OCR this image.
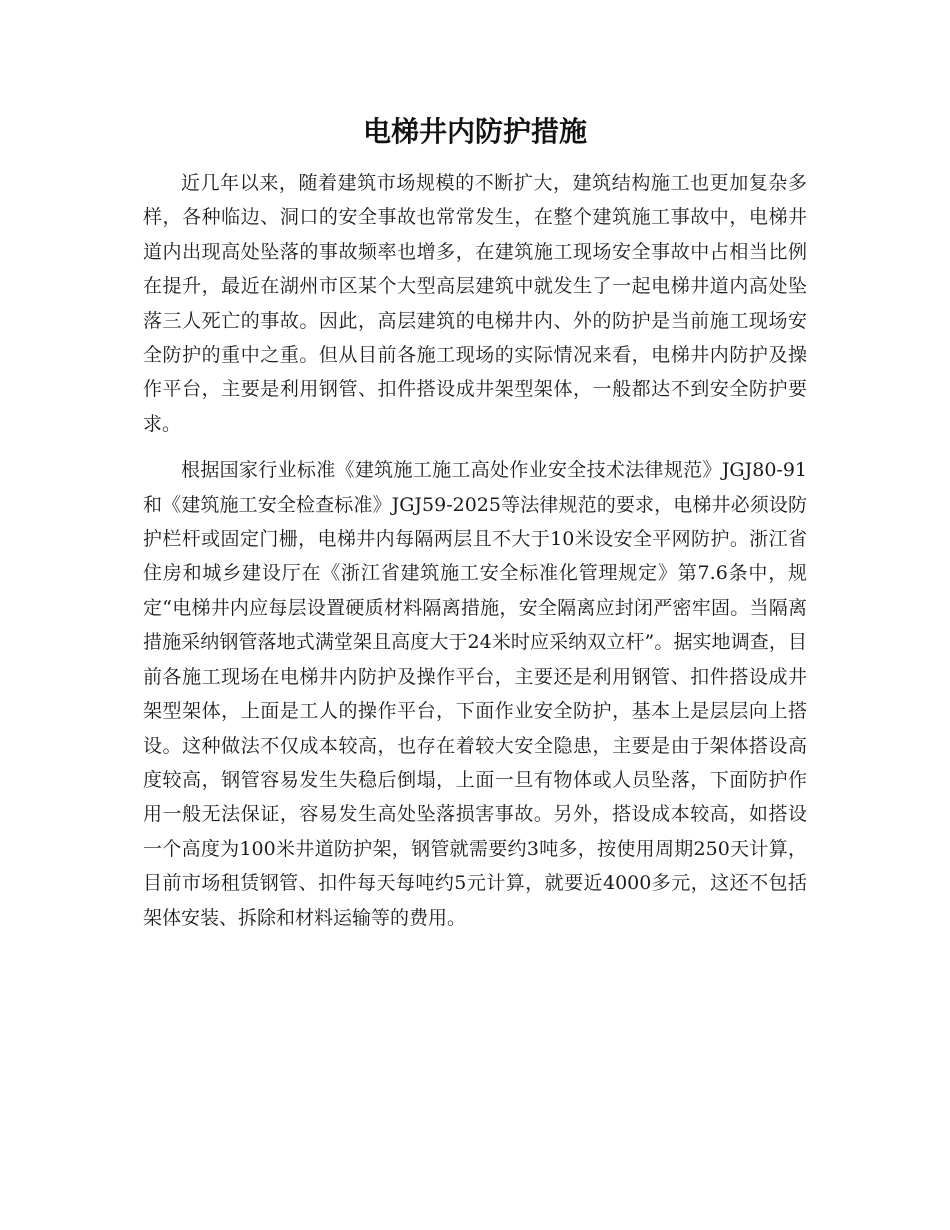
电梯井内防护措施

近几年以来，随着建筑市场规模的不断扩大，建筑结构施工也更加复杂多样，各种临边、洞口的安全事故也常常发生，在整个建筑施工事故中，电梯井道内出现高处坠落的事故频率也增多，在建筑施工现场安全事故中占相当比例在提升，最近在湖州市区某个大型高层建筑中就发生了一起电梯井道内高处坠落三人死亡的事故。因此，高层建筑的电梯井内、外的防护是当前施工现场安全防护的重中之重。但从目前各施工现场的实际情况来看，电梯井内防护及操作平台，主要是利用钢管、扣件搭设成井架型架体，一般都达不到安全防护要求。

根据国家行业标准《建筑施工施工高处作业安全技术法律规范》JGJ80-91和《建筑施工安全检查标准》JGJ59-2025等法律规范的要求，电梯井必须设防护栏杆或固定门栅，电梯井内每隔两层且不大于10米设安全平网防护。浙江省住房和城乡建设厅在《浙江省建筑施工安全标准化管理规定》第7.6条中，规定“电梯井内应每层设置硬质材料隔离措施，安全隔离应封闭严密牢固。当隔离措施采纳钢管落地式满堂架且高度大于24米时应采纳双立杆”。据实地调查，目前各施工现场在电梯井内防护及操作平台，主要还是利用钢管、扣件搭设成井架型架体，上面是工人的操作平台，下面作业安全防护，基本上是层层向上搭设。这种做法不仅成本较高，也存在着较大安全隐患，主要是由于架体搭设高度较高，钢管容易发生失稳后倒塌，上面一旦有物体或人员坠落，下面防护作用一般无法保证，容易发生高处坠落损害事故。另外，搭设成本较高，如搭设一个高度为100米井道防护架，钢管就需要约3吨多，按使用周期250天计算，目前市场租赁钢管、扣件每天每吨约5元计算，就要近4000多元，这还不包括架体安装、拆除和材料运输等的费用。
